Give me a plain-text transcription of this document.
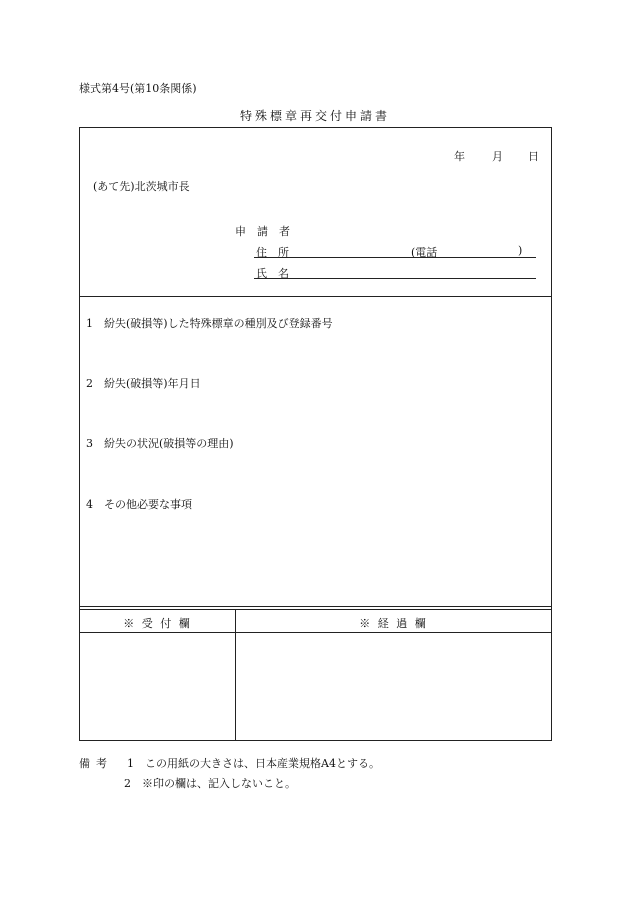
様式第4号(第10条関係)
特殊標章再交付申請書
年 月 日
(あて先)北茨城市長
申　請　者
住　所	(電話	)
氏　名
1 紛失(破損等)した特殊標章の種別及び登録番号
2 紛失(破損等)年月日
3 紛失の状況(破損等の理由)
4 その他必要な事項
※ 受 付 欄	※ 経 過 欄
備考 1 この用紙の大きさは、日本産業規格A4とする。
2 ※印の欄は、記入しないこと。
